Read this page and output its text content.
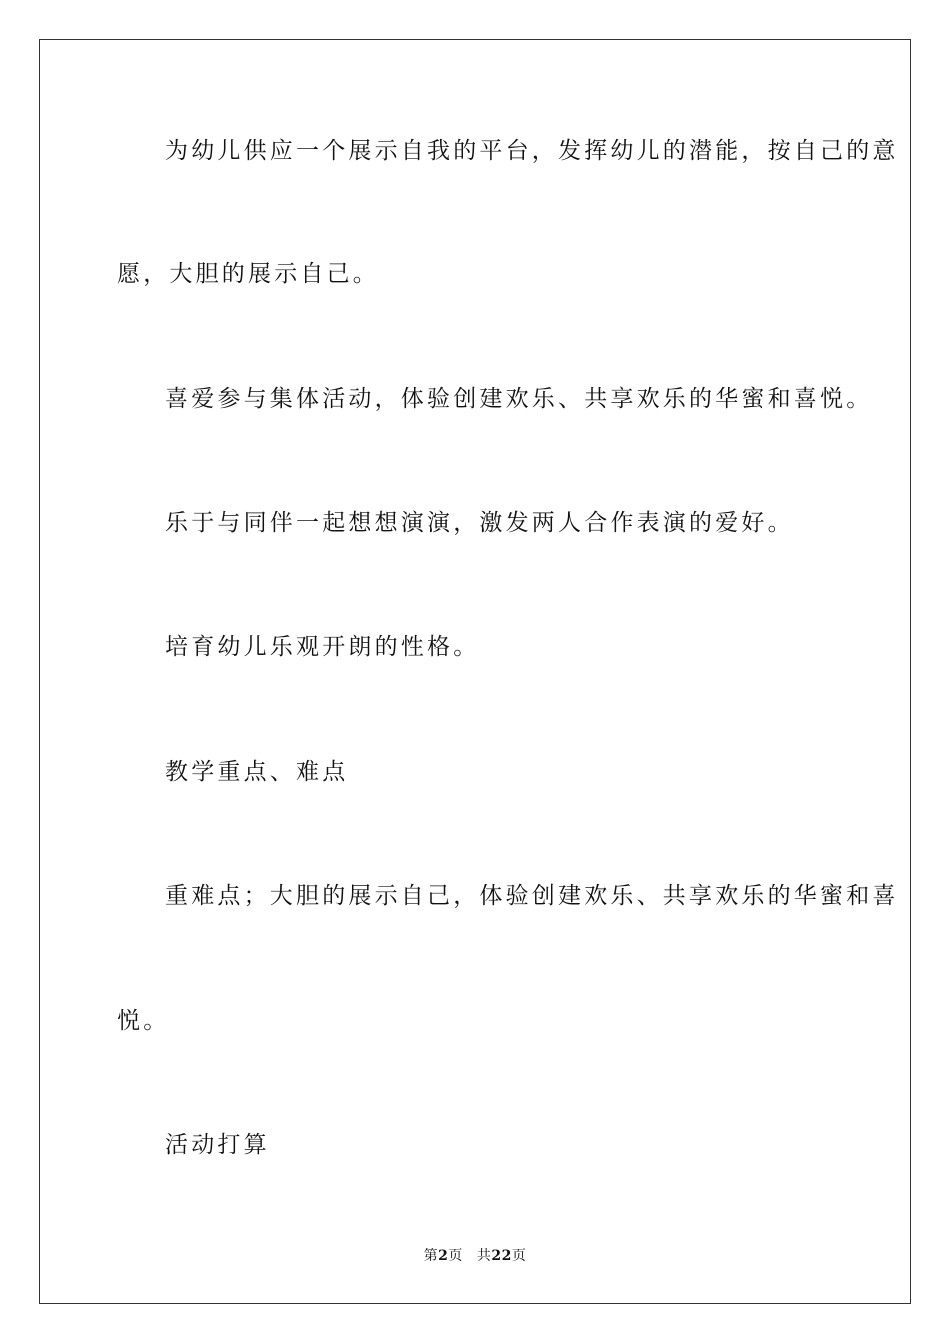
为幼儿供应一个展示自我的平台，发挥幼儿的潜能，按自己的意
愿，大胆的展示自己。
喜爱参与集体活动，体验创建欢乐、共享欢乐的华蜜和喜悦。
乐于与同伴一起想想演演，激发两人合作表演的爱好。
培育幼儿乐观开朗的性格。
教学重点、难点
重难点；大胆的展示自己，体验创建欢乐、共享欢乐的华蜜和喜
悦。
活动打算
第2页 共22页
